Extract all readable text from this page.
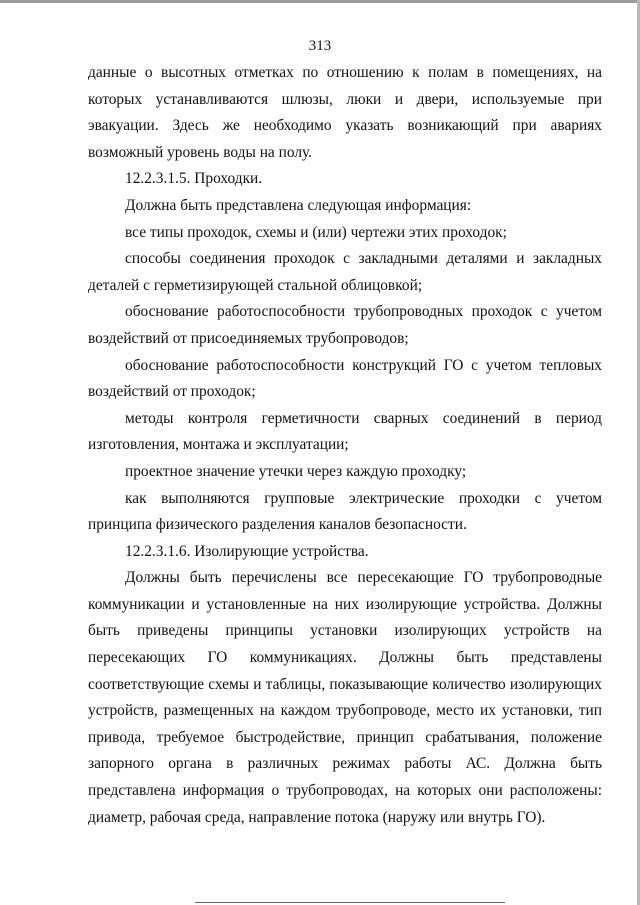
313

данные о высотных отметках по отношению к полам в помещениях, на которых устанавливаются шлюзы, люки и двери, используемые при эвакуации. Здесь же необходимо указать возникающий при авариях возможный уровень воды на полу.

12.2.3.1.5. Проходки.

Должна быть представлена следующая информация:

все типы проходок, схемы и (или) чертежи этих проходок;

способы соединения проходок с закладными деталями и закладных деталей с герметизирующей стальной облицовкой;

обоснование работоспособности трубопроводных проходок с учетом воздействий от присоединяемых трубопроводов;

обоснование работоспособности конструкций ГО с учетом тепловых воздействий от проходок;

методы контроля герметичности сварных соединений в период изготовления, монтажа и эксплуатации;

проектное значение утечки через каждую проходку;

как выполняются групповые электрические проходки с учетом принципа физического разделения каналов безопасности.

12.2.3.1.6. Изолирующие устройства.

Должны быть перечислены все пересекающие ГО трубопроводные коммуникации и установленные на них изолирующие устройства. Должны быть приведены принципы установки изолирующих устройств на пересекающих ГО коммуникациях. Должны быть представлены соответствующие схемы и таблицы, показывающие количество изолирующих устройств, размещенных на каждом трубопроводе, место их установки, тип привода, требуемое быстродействие, принцип срабатывания, положение запорного органа в различных режимах работы АС. Должна быть представлена информация о трубопроводах, на которых они расположены: диаметр, рабочая среда, направление потока (наружу или внутрь ГО).
